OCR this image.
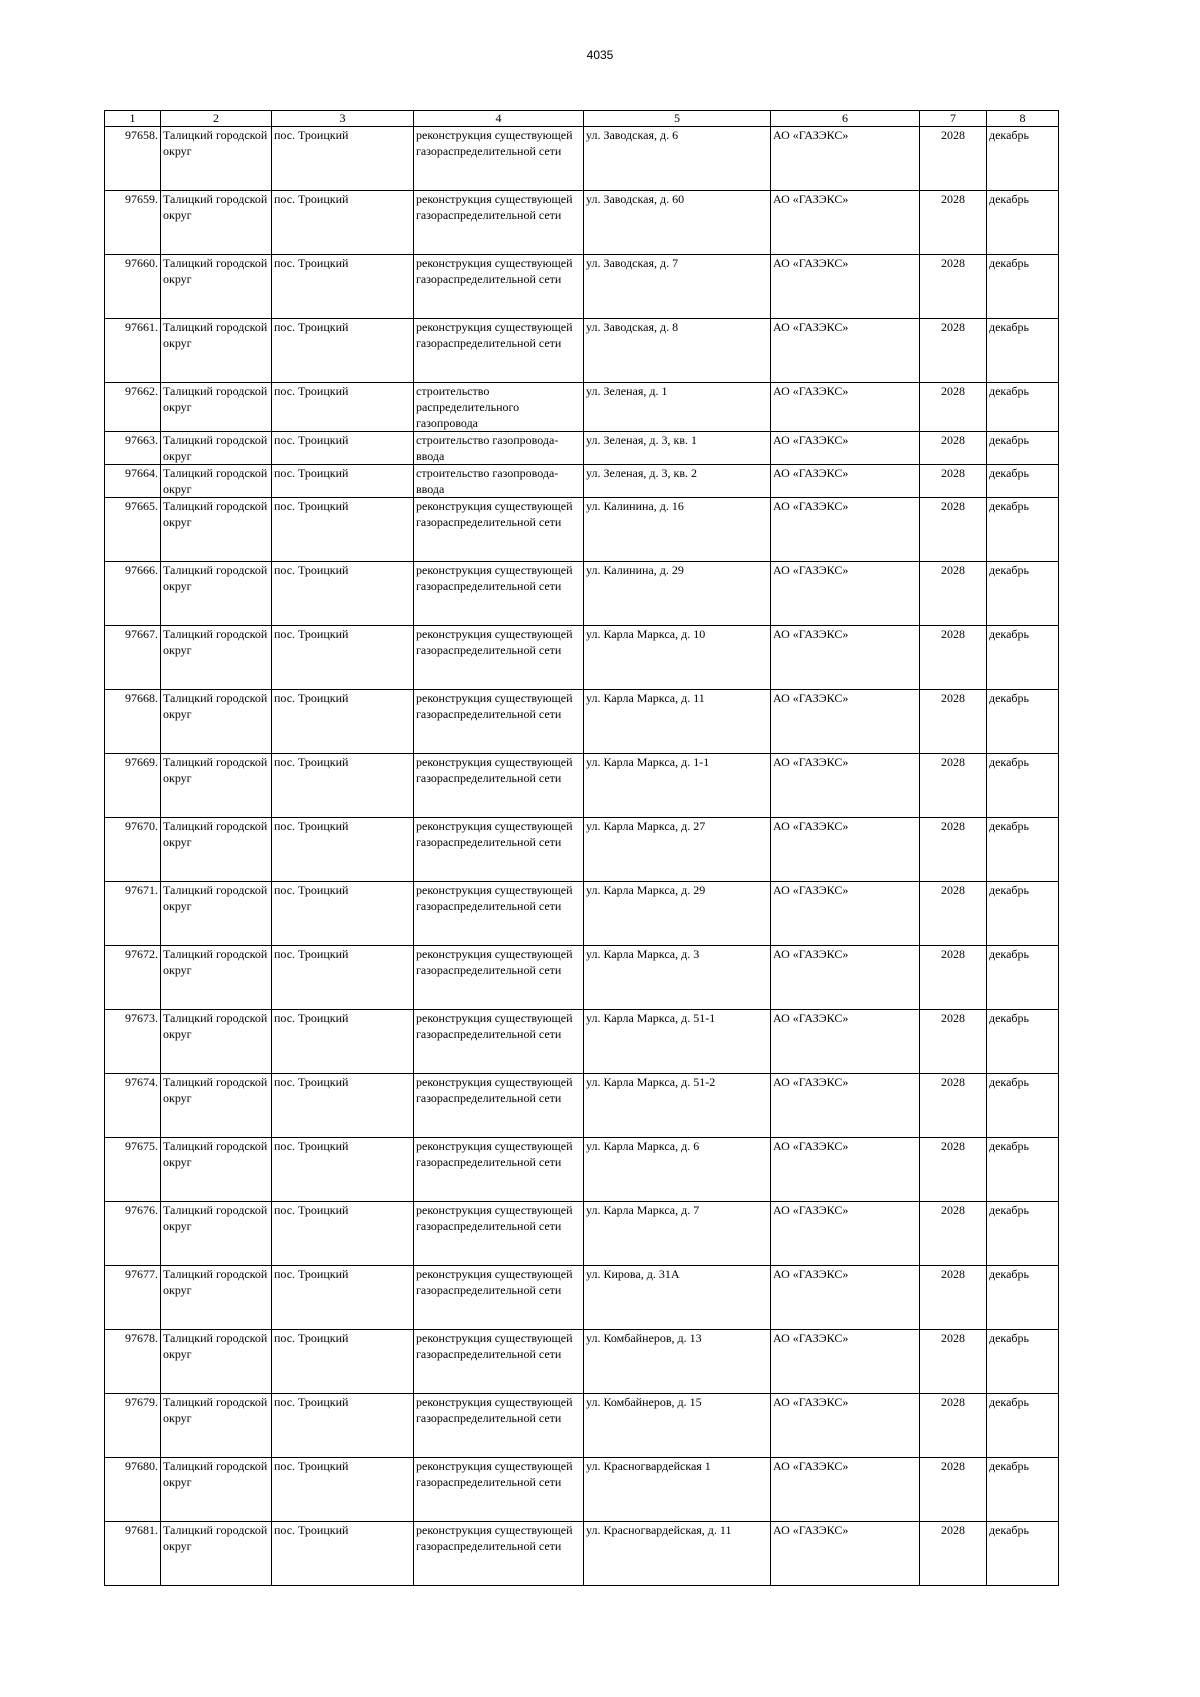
4035
1	2	3	4	5	6	7	8
97658.	Талицкий городской округ	пос. Троицкий	реконструкция существующей газораспределительной сети	ул. Заводская, д. 6	АО «ГАЗЭКС»	2028	декабрь
97659.	Талицкий городской округ	пос. Троицкий	реконструкция существующей газораспределительной сети	ул. Заводская, д. 60	АО «ГАЗЭКС»	2028	декабрь
97660.	Талицкий городской округ	пос. Троицкий	реконструкция существующей газораспределительной сети	ул. Заводская, д. 7	АО «ГАЗЭКС»	2028	декабрь
97661.	Талицкий городской округ	пос. Троицкий	реконструкция существующей газораспределительной сети	ул. Заводская, д. 8	АО «ГАЗЭКС»	2028	декабрь
97662.	Талицкий городской округ	пос. Троицкий	строительство распределительного газопровода	ул. Зеленая, д. 1	АО «ГАЗЭКС»	2028	декабрь
97663.	Талицкий городской округ	пос. Троицкий	строительство газопровода-ввода	ул. Зеленая, д. 3, кв. 1	АО «ГАЗЭКС»	2028	декабрь
97664.	Талицкий городской округ	пос. Троицкий	строительство газопровода-ввода	ул. Зеленая, д. 3, кв. 2	АО «ГАЗЭКС»	2028	декабрь
97665.	Талицкий городской округ	пос. Троицкий	реконструкция существующей газораспределительной сети	ул. Калинина, д. 16	АО «ГАЗЭКС»	2028	декабрь
97666.	Талицкий городской округ	пос. Троицкий	реконструкция существующей газораспределительной сети	ул. Калинина, д. 29	АО «ГАЗЭКС»	2028	декабрь
97667.	Талицкий городской округ	пос. Троицкий	реконструкция существующей газораспределительной сети	ул. Карла Маркса, д. 10	АО «ГАЗЭКС»	2028	декабрь
97668.	Талицкий городской округ	пос. Троицкий	реконструкция существующей газораспределительной сети	ул. Карла Маркса, д. 11	АО «ГАЗЭКС»	2028	декабрь
97669.	Талицкий городской округ	пос. Троицкий	реконструкция существующей газораспределительной сети	ул. Карла Маркса, д. 1-1	АО «ГАЗЭКС»	2028	декабрь
97670.	Талицкий городской округ	пос. Троицкий	реконструкция существующей газораспределительной сети	ул. Карла Маркса, д. 27	АО «ГАЗЭКС»	2028	декабрь
97671.	Талицкий городской округ	пос. Троицкий	реконструкция существующей газораспределительной сети	ул. Карла Маркса, д. 29	АО «ГАЗЭКС»	2028	декабрь
97672.	Талицкий городской округ	пос. Троицкий	реконструкция существующей газораспределительной сети	ул. Карла Маркса, д. 3	АО «ГАЗЭКС»	2028	декабрь
97673.	Талицкий городской округ	пос. Троицкий	реконструкция существующей газораспределительной сети	ул. Карла Маркса, д. 51-1	АО «ГАЗЭКС»	2028	декабрь
97674.	Талицкий городской округ	пос. Троицкий	реконструкция существующей газораспределительной сети	ул. Карла Маркса, д. 51-2	АО «ГАЗЭКС»	2028	декабрь
97675.	Талицкий городской округ	пос. Троицкий	реконструкция существующей газораспределительной сети	ул. Карла Маркса, д. 6	АО «ГАЗЭКС»	2028	декабрь
97676.	Талицкий городской округ	пос. Троицкий	реконструкция существующей газораспределительной сети	ул. Карла Маркса, д. 7	АО «ГАЗЭКС»	2028	декабрь
97677.	Талицкий городской округ	пос. Троицкий	реконструкция существующей газораспределительной сети	ул. Кирова, д. 31А	АО «ГАЗЭКС»	2028	декабрь
97678.	Талицкий городской округ	пос. Троицкий	реконструкция существующей газораспределительной сети	ул. Комбайнеров, д. 13	АО «ГАЗЭКС»	2028	декабрь
97679.	Талицкий городской округ	пос. Троицкий	реконструкция существующей газораспределительной сети	ул. Комбайнеров, д. 15	АО «ГАЗЭКС»	2028	декабрь
97680.	Талицкий городской округ	пос. Троицкий	реконструкция существующей газораспределительной сети	ул. Красногвардейская 1	АО «ГАЗЭКС»	2028	декабрь
97681.	Талицкий городской округ	пос. Троицкий	реконструкция существующей газораспределительной сети	ул. Красногвардейская, д. 11	АО «ГАЗЭКС»	2028	декабрь
